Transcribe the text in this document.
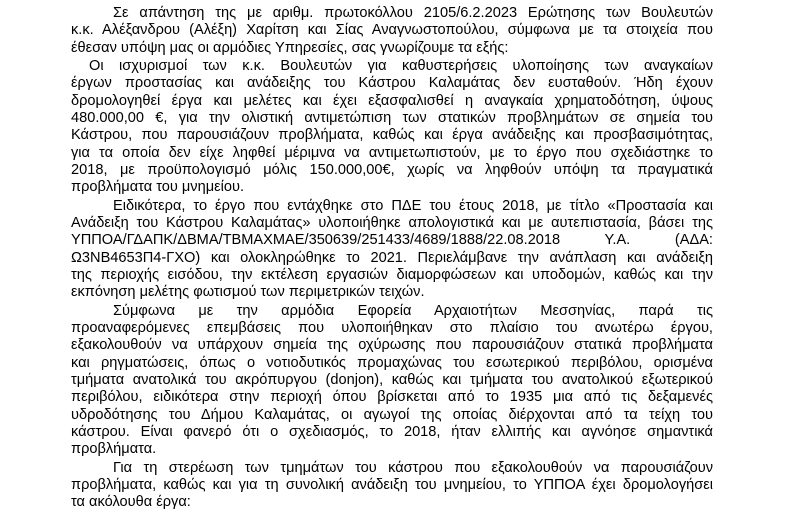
Σε απάντηση της με αριθμ. πρωτοκόλλου 2105/6.2.2023 Ερώτησης των Βουλευτών
κ.κ. Αλέξανδρου (Αλέξη) Χαρίτση και Σίας Αναγνωστοπούλου, σύμφωνα με τα στοιχεία που
έθεσαν υπόψη μας οι αρμόδιες Υπηρεσίες, σας γνωρίζουμε τα εξής:
Οι ισχυρισμοί των κ.κ. Βουλευτών για καθυστερήσεις υλοποίησης των αναγκαίων
έργων προστασίας και ανάδειξης του Κάστρου Καλαμάτας δεν ευσταθούν. Ήδη έχουν
δρομολογηθεί έργα και μελέτες και έχει εξασφαλισθεί η αναγκαία χρηματοδότηση, ύψους
480.000,00 €, για την ολιστική αντιμετώπιση των στατικών προβλημάτων σε σημεία του
Κάστρου, που παρουσιάζουν προβλήματα, καθώς και έργα ανάδειξης και προσβασιμότητας,
για τα οποία δεν είχε ληφθεί μέριμνα να αντιμετωπιστούν, με το έργο που σχεδιάστηκε το
2018, με προϋπολογισμό μόλις 150.000,00€, χωρίς να ληφθούν υπόψη τα πραγματικά
προβλήματα του μνημείου.
Ειδικότερα, το έργο που εντάχθηκε στο ΠΔΕ του έτους 2018, με τίτλο «Προστασία και
Ανάδειξη του Κάστρου Καλαμάτας» υλοποιήθηκε απολογιστικά και με αυτεπιστασία, βάσει της
ΥΠΠΟΑ/ΓΔΑΠΚ/ΔΒΜΑ/ΤΒΜΑΧΜΑΕ/350639/251433/4689/1888/22.08.2018 Υ.Α. (ΑΔΑ:
Ω3ΝΒ4653Π4-ΓΧΟ) και ολοκληρώθηκε το 2021. Περιελάμβανε την ανάπλαση και ανάδειξη
της περιοχής εισόδου, την εκτέλεση εργασιών διαμορφώσεων και υποδομών, καθώς και την
εκπόνηση μελέτης φωτισμού των περιμετρικών τειχών.
Σύμφωνα με την αρμόδια Εφορεία Αρχαιοτήτων Μεσσηνίας, παρά τις
προαναφερόμενες επεμβάσεις που υλοποιήθηκαν στο πλαίσιο του ανωτέρω έργου,
εξακολουθούν να υπάρχουν σημεία της οχύρωσης που παρουσιάζουν στατικά προβλήματα
και ρηγματώσεις, όπως ο νοτιοδυτικός προμαχώνας του εσωτερικού περιβόλου, ορισμένα
τμήματα ανατολικά του ακρόπυργου (donjon), καθώς και τμήματα του ανατολικού εξωτερικού
περιβόλου, ειδικότερα στην περιοχή όπου βρίσκεται από το 1935 μια από τις δεξαμενές
υδροδότησης του Δήμου Καλαμάτας, οι αγωγοί της οποίας διέρχονται από τα τείχη του
κάστρου. Είναι φανερό ότι ο σχεδιασμός, το 2018, ήταν ελλιπής και αγνόησε σημαντικά
προβλήματα.
Για τη στερέωση των τμημάτων του κάστρου που εξακολουθούν να παρουσιάζουν
προβλήματα, καθώς και για τη συνολική ανάδειξη του μνημείου, το ΥΠΠΟΑ έχει δρομολογήσει
τα ακόλουθα έργα:
